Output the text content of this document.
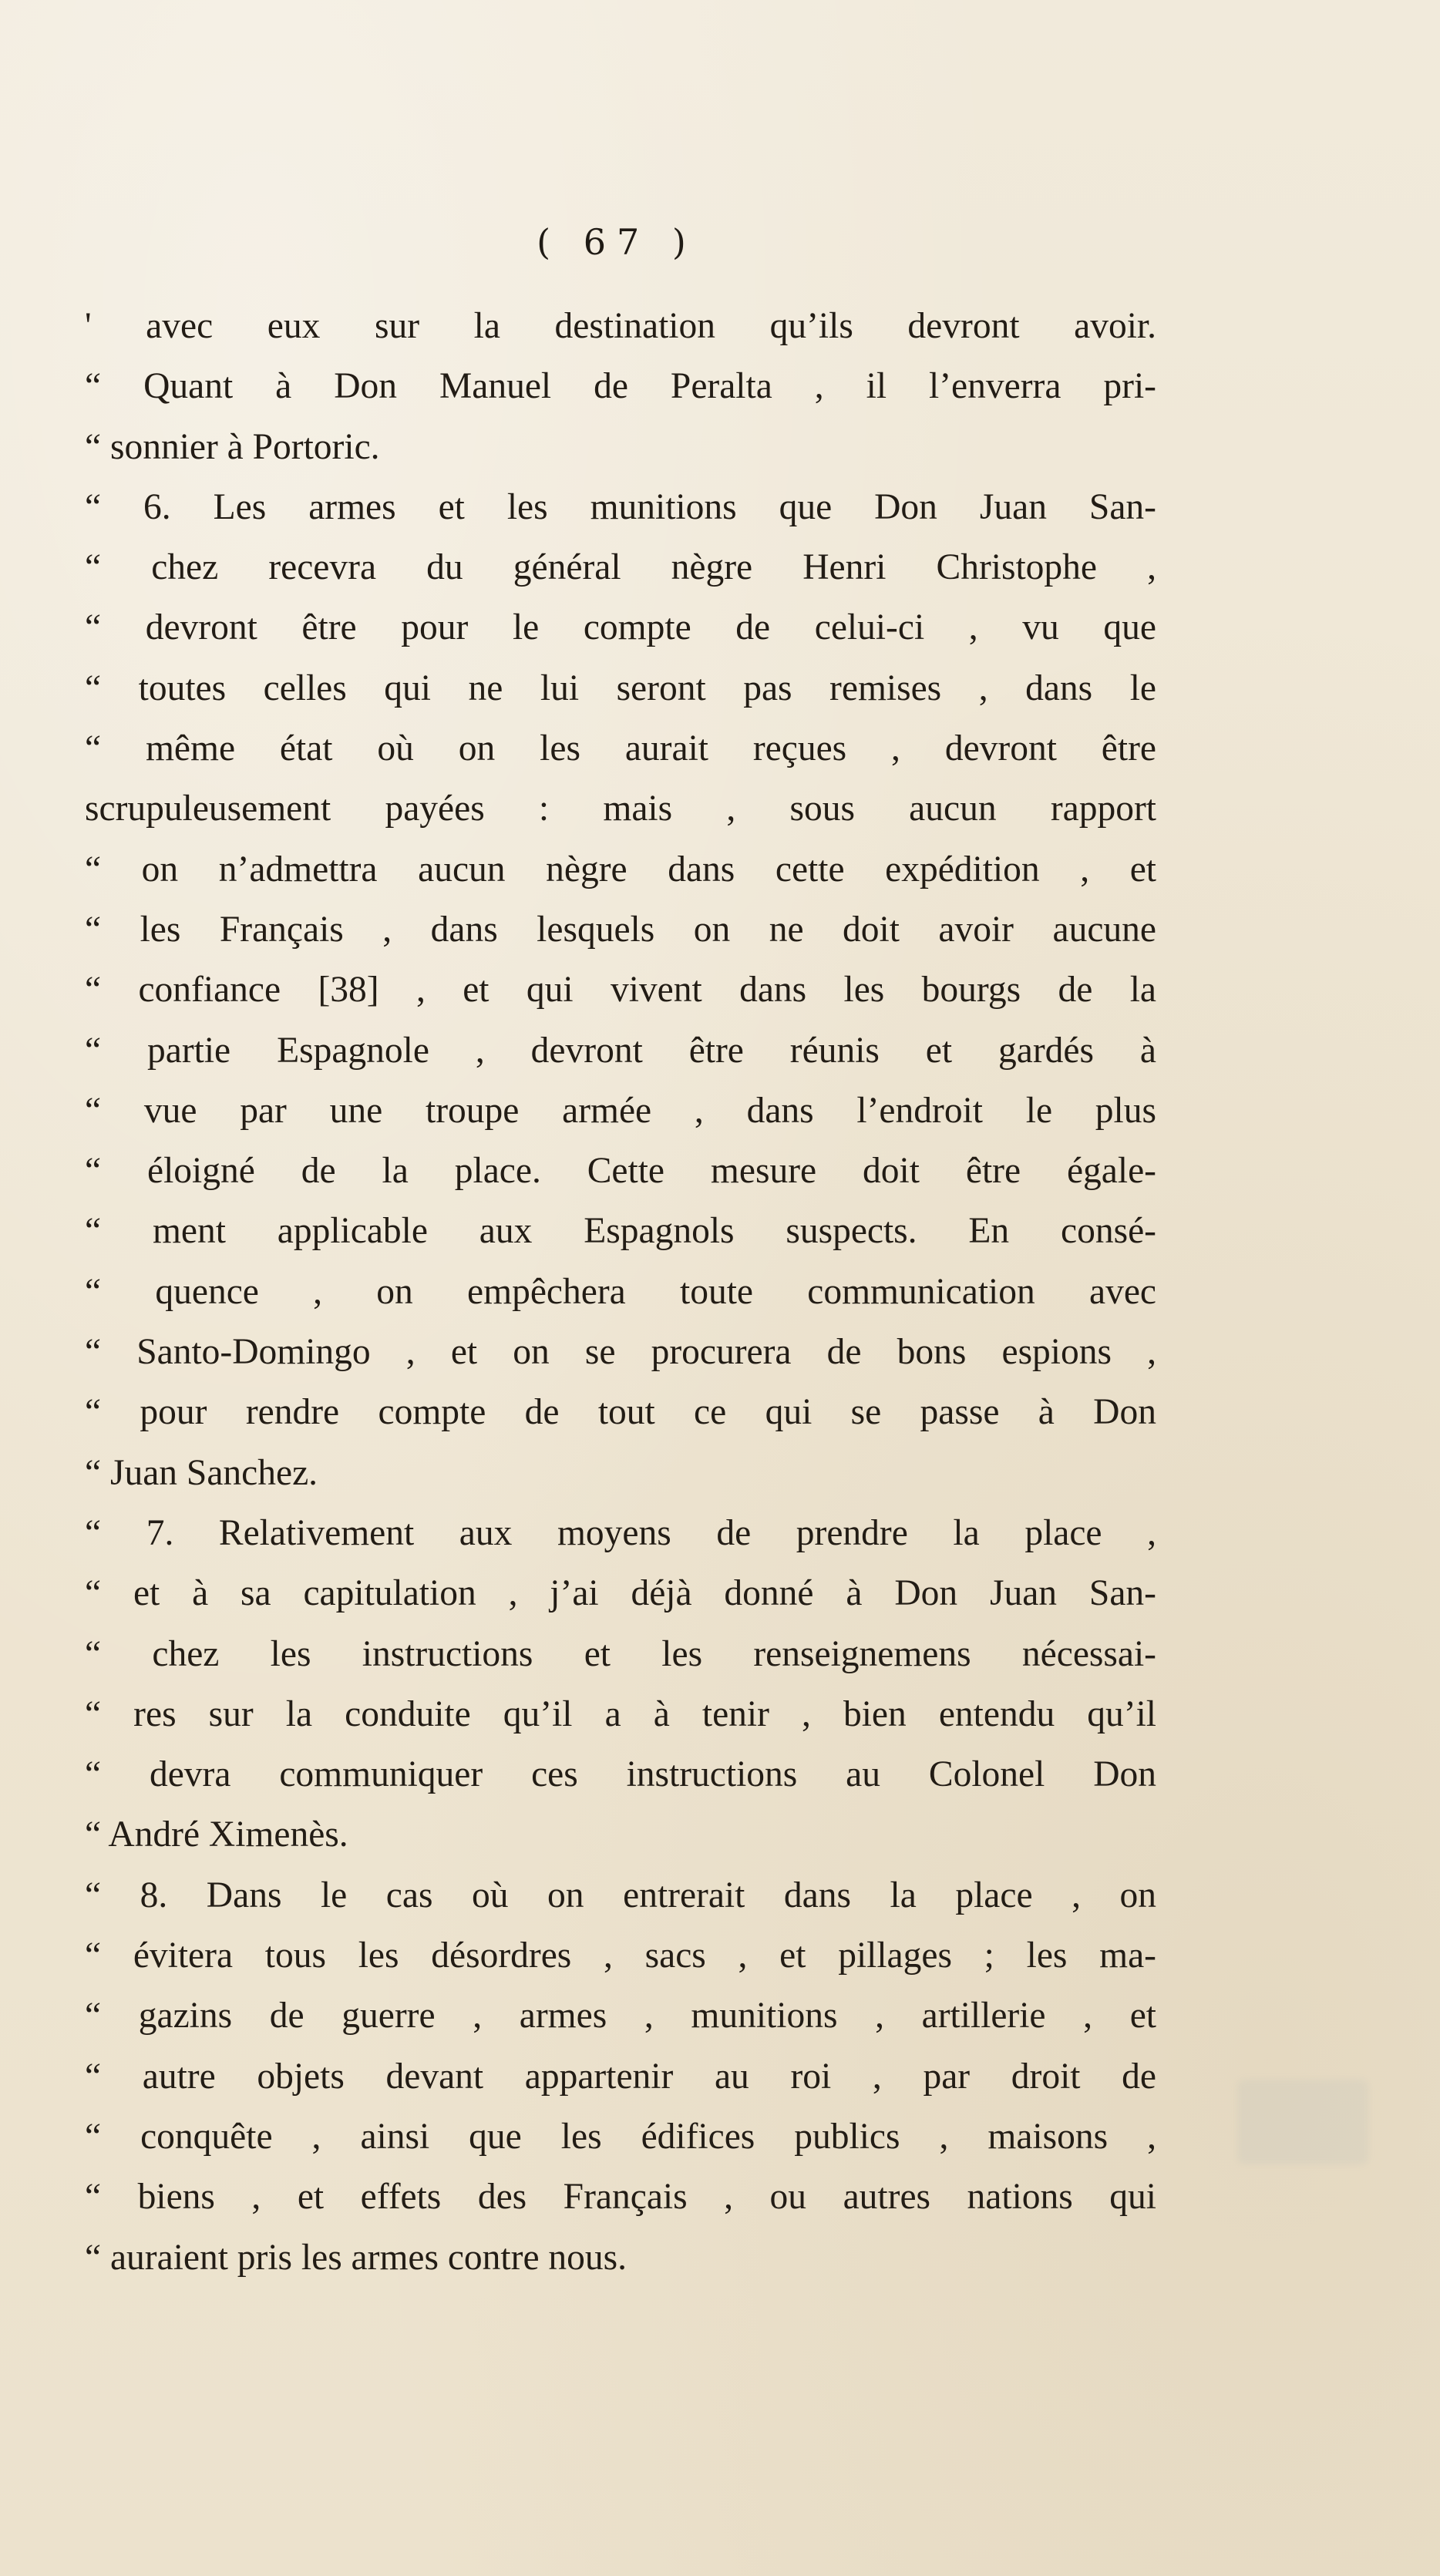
( 67 )
' avec eux sur la destination qu’ils devront avoir.
“ Quant à Don Manuel de Peralta , il l’enverra pri-
“ sonnier à Portoric.
“ 6. Les armes et les munitions que Don Juan San-
“ chez recevra du général nègre Henri Christophe ,
“ devront être pour le compte de celui-ci , vu que
“ toutes celles qui ne lui seront pas remises , dans le
“ même état où on les aurait reçues , devront être
scrupuleusement payées : mais , sous aucun rapport
“ on n’admettra aucun nègre dans cette expédition , et
“ les Français , dans lesquels on ne doit avoir aucune
“ confiance [38] , et qui vivent dans les bourgs de la
“ partie Espagnole , devront être réunis et gardés à
“ vue par une troupe armée , dans l’endroit le plus
“ éloigné de la place. Cette mesure doit être égale-
“ ment applicable aux Espagnols suspects. En consé-
“ quence , on empêchera toute communication avec
“ Santo-Domingo , et on se procurera de bons espions ,
“ pour rendre compte de tout ce qui se passe à Don
“ Juan Sanchez.
“ 7. Relativement aux moyens de prendre la place ,
“ et à sa capitulation , j’ai déjà donné à Don Juan San-
“ chez les instructions et les renseignemens nécessai-
“ res sur la conduite qu’il a à tenir , bien entendu qu’il
“ devra communiquer ces instructions au Colonel Don
“ André Ximenès.
“ 8. Dans le cas où on entrerait dans la place , on
“ évitera tous les désordres , sacs , et pillages ; les ma-
“ gazins de guerre , armes , munitions , artillerie , et
“ autre objets devant appartenir au roi , par droit de
“ conquête , ainsi que les édifices publics , maisons ,
“ biens , et effets des Français , ou autres nations qui
“ auraient pris les armes contre nous.
